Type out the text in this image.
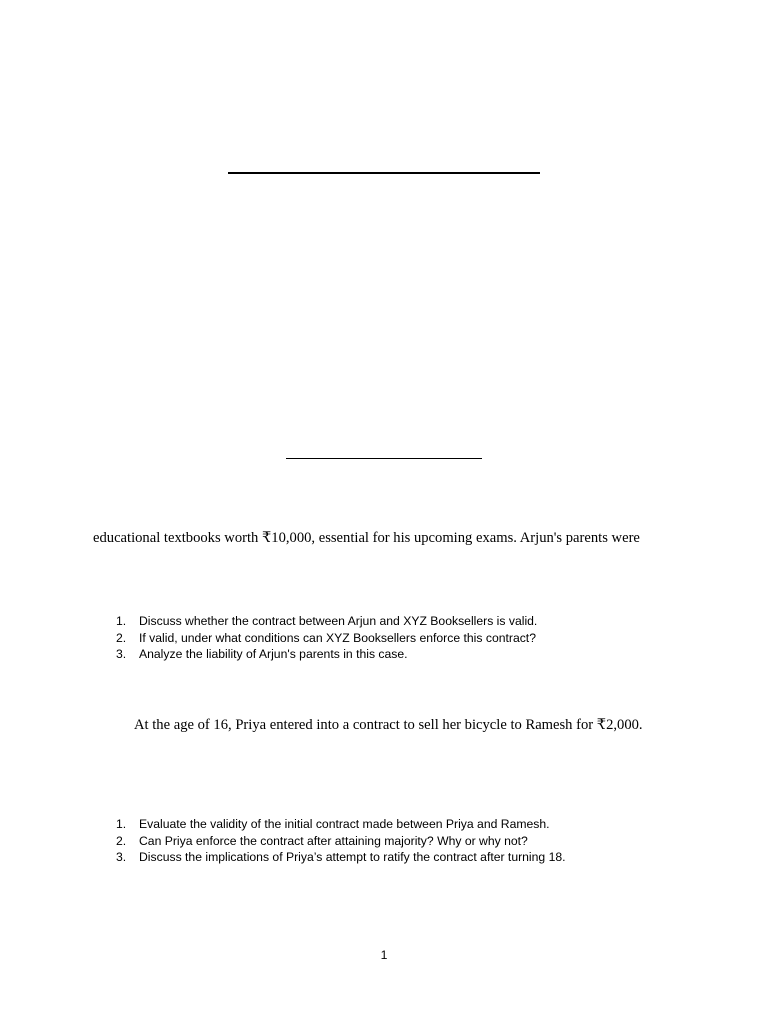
educational textbooks worth ₹10,000, essential for his upcoming exams. Arjun's parents were
1. Discuss whether the contract between Arjun and XYZ Booksellers is valid.
2. If valid, under what conditions can XYZ Booksellers enforce this contract?
3. Analyze the liability of Arjun's parents in this case.
At the age of 16, Priya entered into a contract to sell her bicycle to Ramesh for ₹2,000.
1. Evaluate the validity of the initial contract made between Priya and Ramesh.
2. Can Priya enforce the contract after attaining majority? Why or why not?
3. Discuss the implications of Priya’s attempt to ratify the contract after turning 18.
1
